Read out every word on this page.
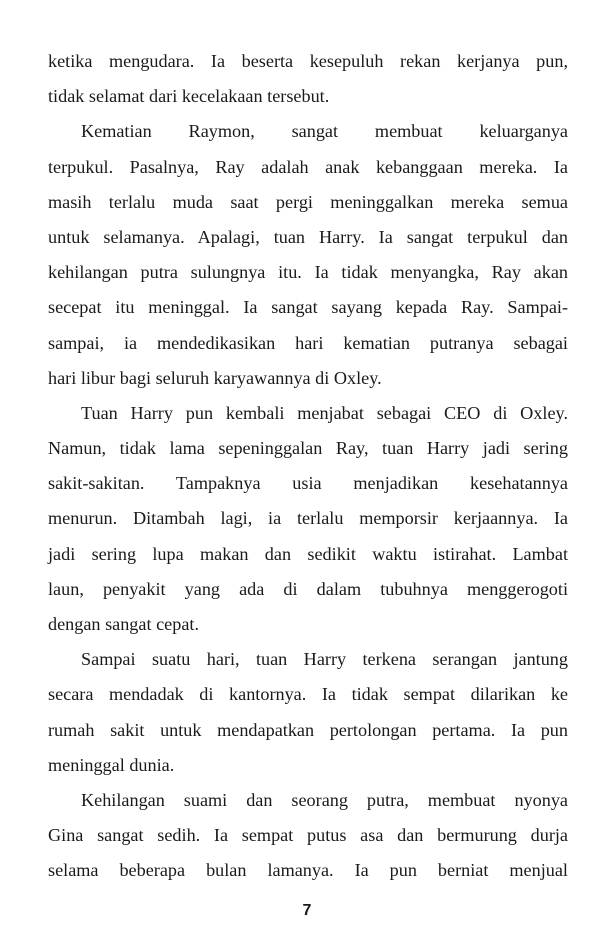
ketika mengudara. Ia beserta kesepuluh rekan kerjanya pun,
tidak selamat dari kecelakaan tersebut.
Kematian Raymon, sangat membuat keluarganya
terpukul. Pasalnya, Ray adalah anak kebanggaan mereka. Ia
masih terlalu muda saat pergi meninggalkan mereka semua
untuk selamanya. Apalagi, tuan Harry. Ia sangat terpukul dan
kehilangan putra sulungnya itu. Ia tidak menyangka, Ray akan
secepat itu meninggal. Ia sangat sayang kepada Ray. Sampai-
sampai, ia mendedikasikan hari kematian putranya sebagai
hari libur bagi seluruh karyawannya di Oxley.
Tuan Harry pun kembali menjabat sebagai CEO di Oxley.
Namun, tidak lama sepeninggalan Ray, tuan Harry jadi sering
sakit-sakitan. Tampaknya usia menjadikan kesehatannya
menurun. Ditambah lagi, ia terlalu memporsir kerjaannya. Ia
jadi sering lupa makan dan sedikit waktu istirahat. Lambat
laun, penyakit yang ada di dalam tubuhnya menggerogoti
dengan sangat cepat.
Sampai suatu hari, tuan Harry terkena serangan jantung
secara mendadak di kantornya. Ia tidak sempat dilarikan ke
rumah sakit untuk mendapatkan pertolongan pertama. Ia pun
meninggal dunia.
Kehilangan suami dan seorang putra, membuat nyonya
Gina sangat sedih. Ia sempat putus asa dan bermurung durja
selama beberapa bulan lamanya. Ia pun berniat menjual
7
